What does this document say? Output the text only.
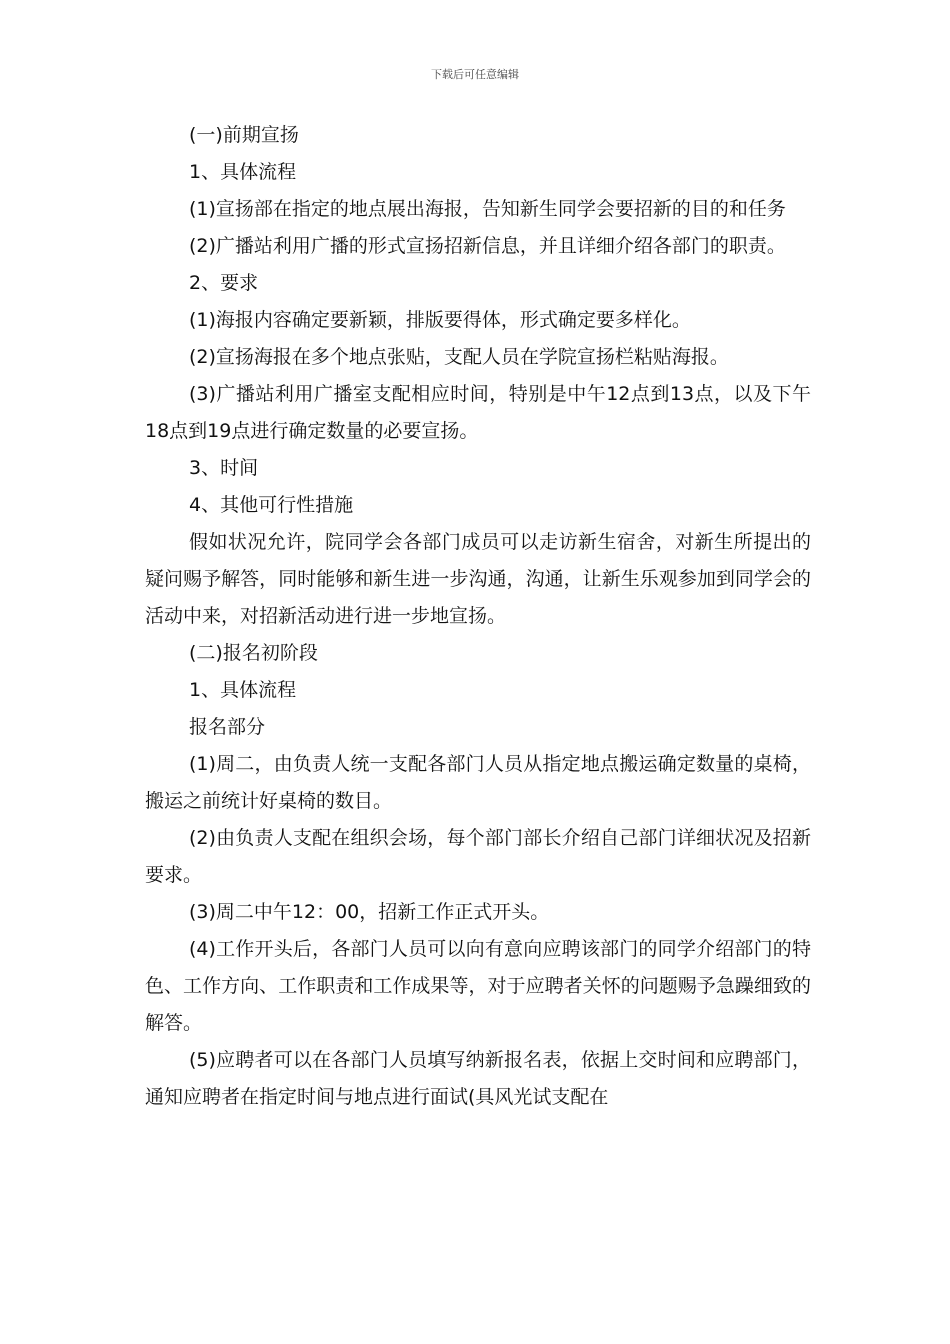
下载后可任意编辑

(一)前期宣扬

1、具体流程

(1)宣扬部在指定的地点展出海报，告知新生同学会要招新的目的和任务

(2)广播站利用广播的形式宣扬招新信息，并且详细介绍各部门的职责。

2、要求

(1)海报内容确定要新颖，排版要得体，形式确定要多样化。

(2)宣扬海报在多个地点张贴，支配人员在学院宣扬栏粘贴海报。

(3)广播站利用广播室支配相应时间，特别是中午12点到13点，以及下午18点到19点进行确定数量的必要宣扬。

3、时间

4、其他可行性措施

假如状况允许，院同学会各部门成员可以走访新生宿舍，对新生所提出的疑问赐予解答，同时能够和新生进一步沟通，沟通，让新生乐观参加到同学会的活动中来，对招新活动进行进一步地宣扬。

(二)报名初阶段

1、具体流程

报名部分

(1)周二，由负责人统一支配各部门人员从指定地点搬运确定数量的桌椅，搬运之前统计好桌椅的数目。

(2)由负责人支配在组织会场，每个部门部长介绍自己部门详细状况及招新要求。

(3)周二中午12：00，招新工作正式开头。

(4)工作开头后，各部门人员可以向有意向应聘该部门的同学介绍部门的特色、工作方向、工作职责和工作成果等，对于应聘者关怀的问题赐予急躁细致的解答。

(5)应聘者可以在各部门人员填写纳新报名表，依据上交时间和应聘部门，通知应聘者在指定时间与地点进行面试(具风光试支配在
